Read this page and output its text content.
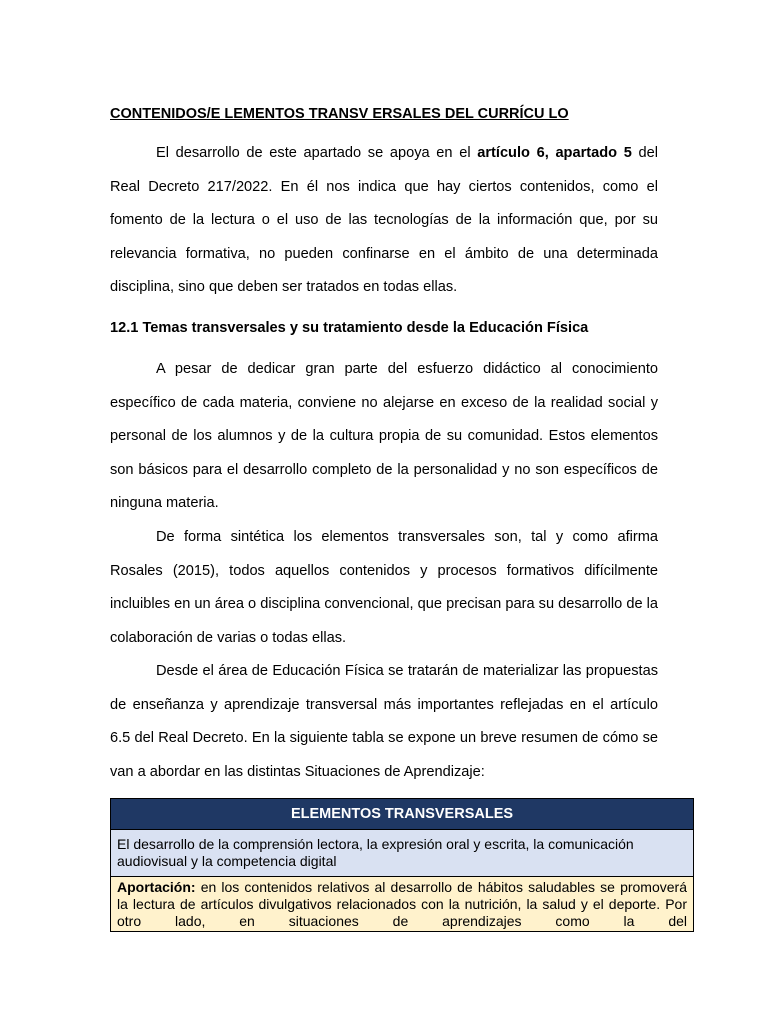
CONTENIDOS/E LEMENTOS TRANSV ERSALES DEL CURRÍCU LO
El desarrollo de este apartado se apoya en el artículo 6, apartado 5 del Real Decreto 217/2022. En él nos indica que hay ciertos contenidos, como el fomento de la lectura o el uso de las tecnologías de la información que, por su relevancia formativa, no pueden confinarse en el ámbito de una determinada disciplina, sino que deben ser tratados en todas ellas.
12.1 Temas transversales y su tratamiento desde la Educación Física
A pesar de dedicar gran parte del esfuerzo didáctico al conocimiento específico de cada materia, conviene no alejarse en exceso de la realidad social y personal de los alumnos y de la cultura propia de su comunidad. Estos elementos son básicos para el desarrollo completo de la personalidad y no son específicos de ninguna materia.
De forma sintética los elementos transversales son, tal y como afirma Rosales (2015), todos aquellos contenidos y procesos formativos difícilmente incluibles en un área o disciplina convencional, que precisan para su desarrollo de la colaboración de varias o todas ellas.
Desde el área de Educación Física se tratarán de materializar las propuestas de enseñanza y aprendizaje transversal más importantes reflejadas en el artículo 6.5 del Real Decreto. En la siguiente tabla se expone un breve resumen de cómo se van a abordar en las distintas Situaciones de Aprendizaje:
ELEMENTOS TRANSVERSALES
El desarrollo de la comprensión lectora, la expresión oral y escrita, la comunicación audiovisual y la competencia digital

Aportación: en los contenidos relativos al desarrollo de hábitos saludables se promoverá la lectura de artículos divulgativos relacionados con la nutrición, la salud y el deporte. Por otro lado, en situaciones de aprendizajes como la del
